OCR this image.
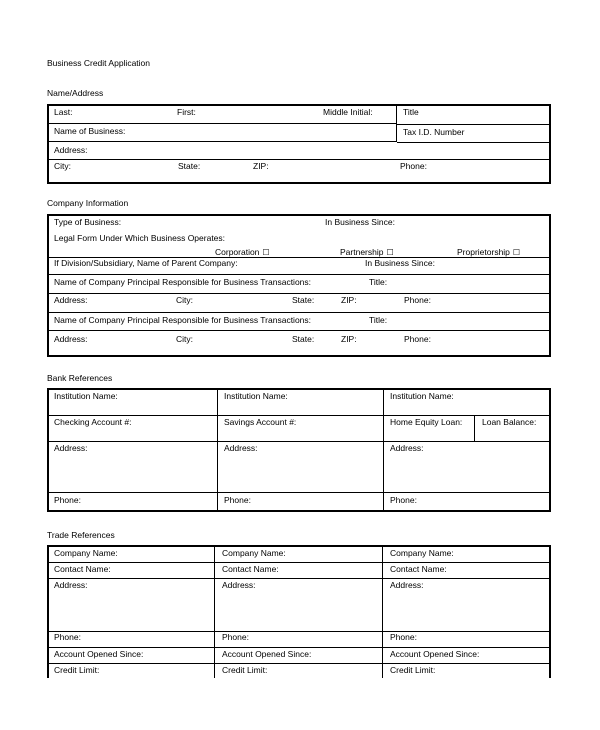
Business Credit Application
Name/Address
Last:	First:	Middle Initial:	Title
Name of Business:	Tax I.D. Number
Address:
City:	State:	ZIP:	Phone:
Company Information
Type of Business:	In Business Since:
Legal Form Under Which Business Operates:
Corporation ☐	Partnership ☐	Proprietorship ☐
If Division/Subsidiary, Name of Parent Company:	In Business Since:
Name of Company Principal Responsible for Business Transactions:	Title:
Address:	City:	State:	ZIP:	Phone:
Name of Company Principal Responsible for Business Transactions:	Title:
Address:	City:	State:	ZIP:	Phone:
Bank References
Institution Name:	Institution Name:	Institution Name:
Checking Account #:	Savings Account #:	Home Equity Loan: Loan Balance:
Address:	Address:	Address:
Phone:	Phone:	Phone:
Trade References
Company Name:	Company Name:	Company Name:
Contact Name:	Contact Name:	Contact Name:
Address:	Address:	Address:
Phone:	Phone:	Phone:
Account Opened Since:	Account Opened Since:	Account Opened Since:
Credit Limit:	Credit Limit:	Credit Limit:
